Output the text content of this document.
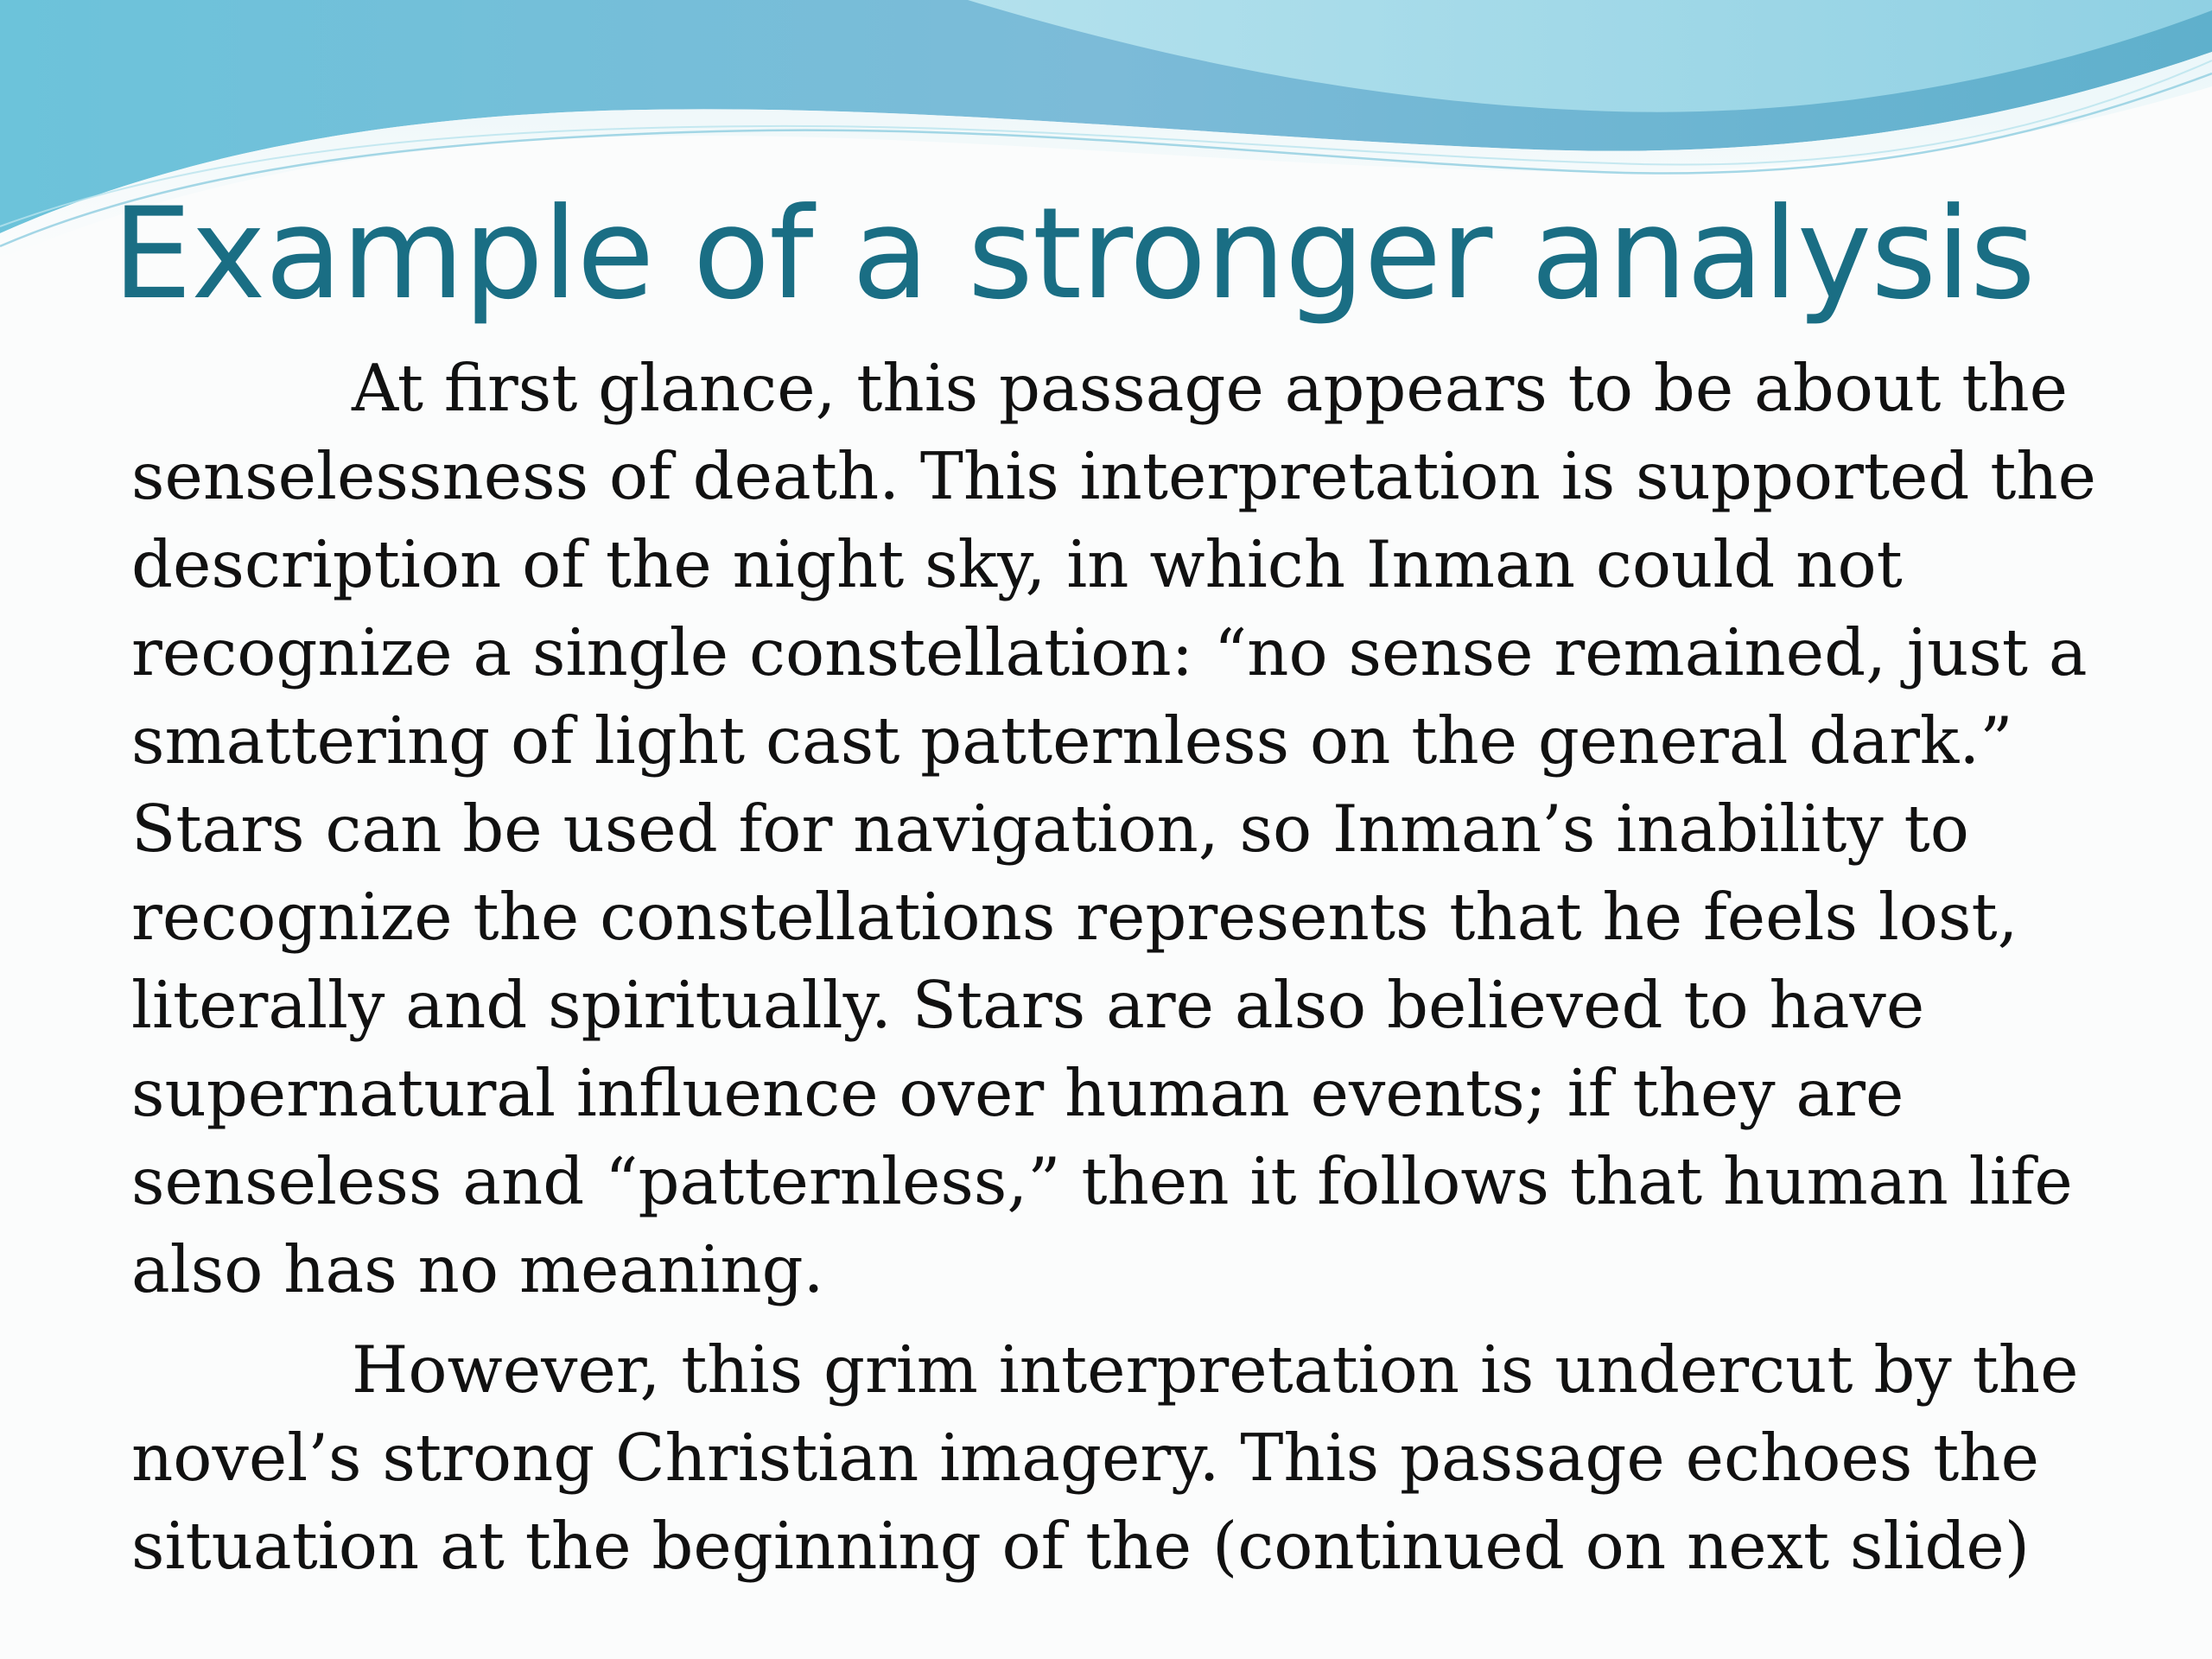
Example of a stronger analysis

At first glance, this passage appears to be about the
senselessness of death. This interpretation is supported the
description of the night sky, in which Inman could not
recognize a single constellation: “no sense remained, just a
smattering of light cast patternless on the general dark.”
Stars can be used for navigation, so Inman’s inability to
recognize the constellations represents that he feels lost,
literally and spiritually. Stars are also believed to have
supernatural influence over human events; if they are
senseless and “patternless,” then it follows that human life
also has no meaning.

However, this grim interpretation is undercut by the
novel’s strong Christian imagery. This passage echoes the
situation at the beginning of the (continued on next slide)
